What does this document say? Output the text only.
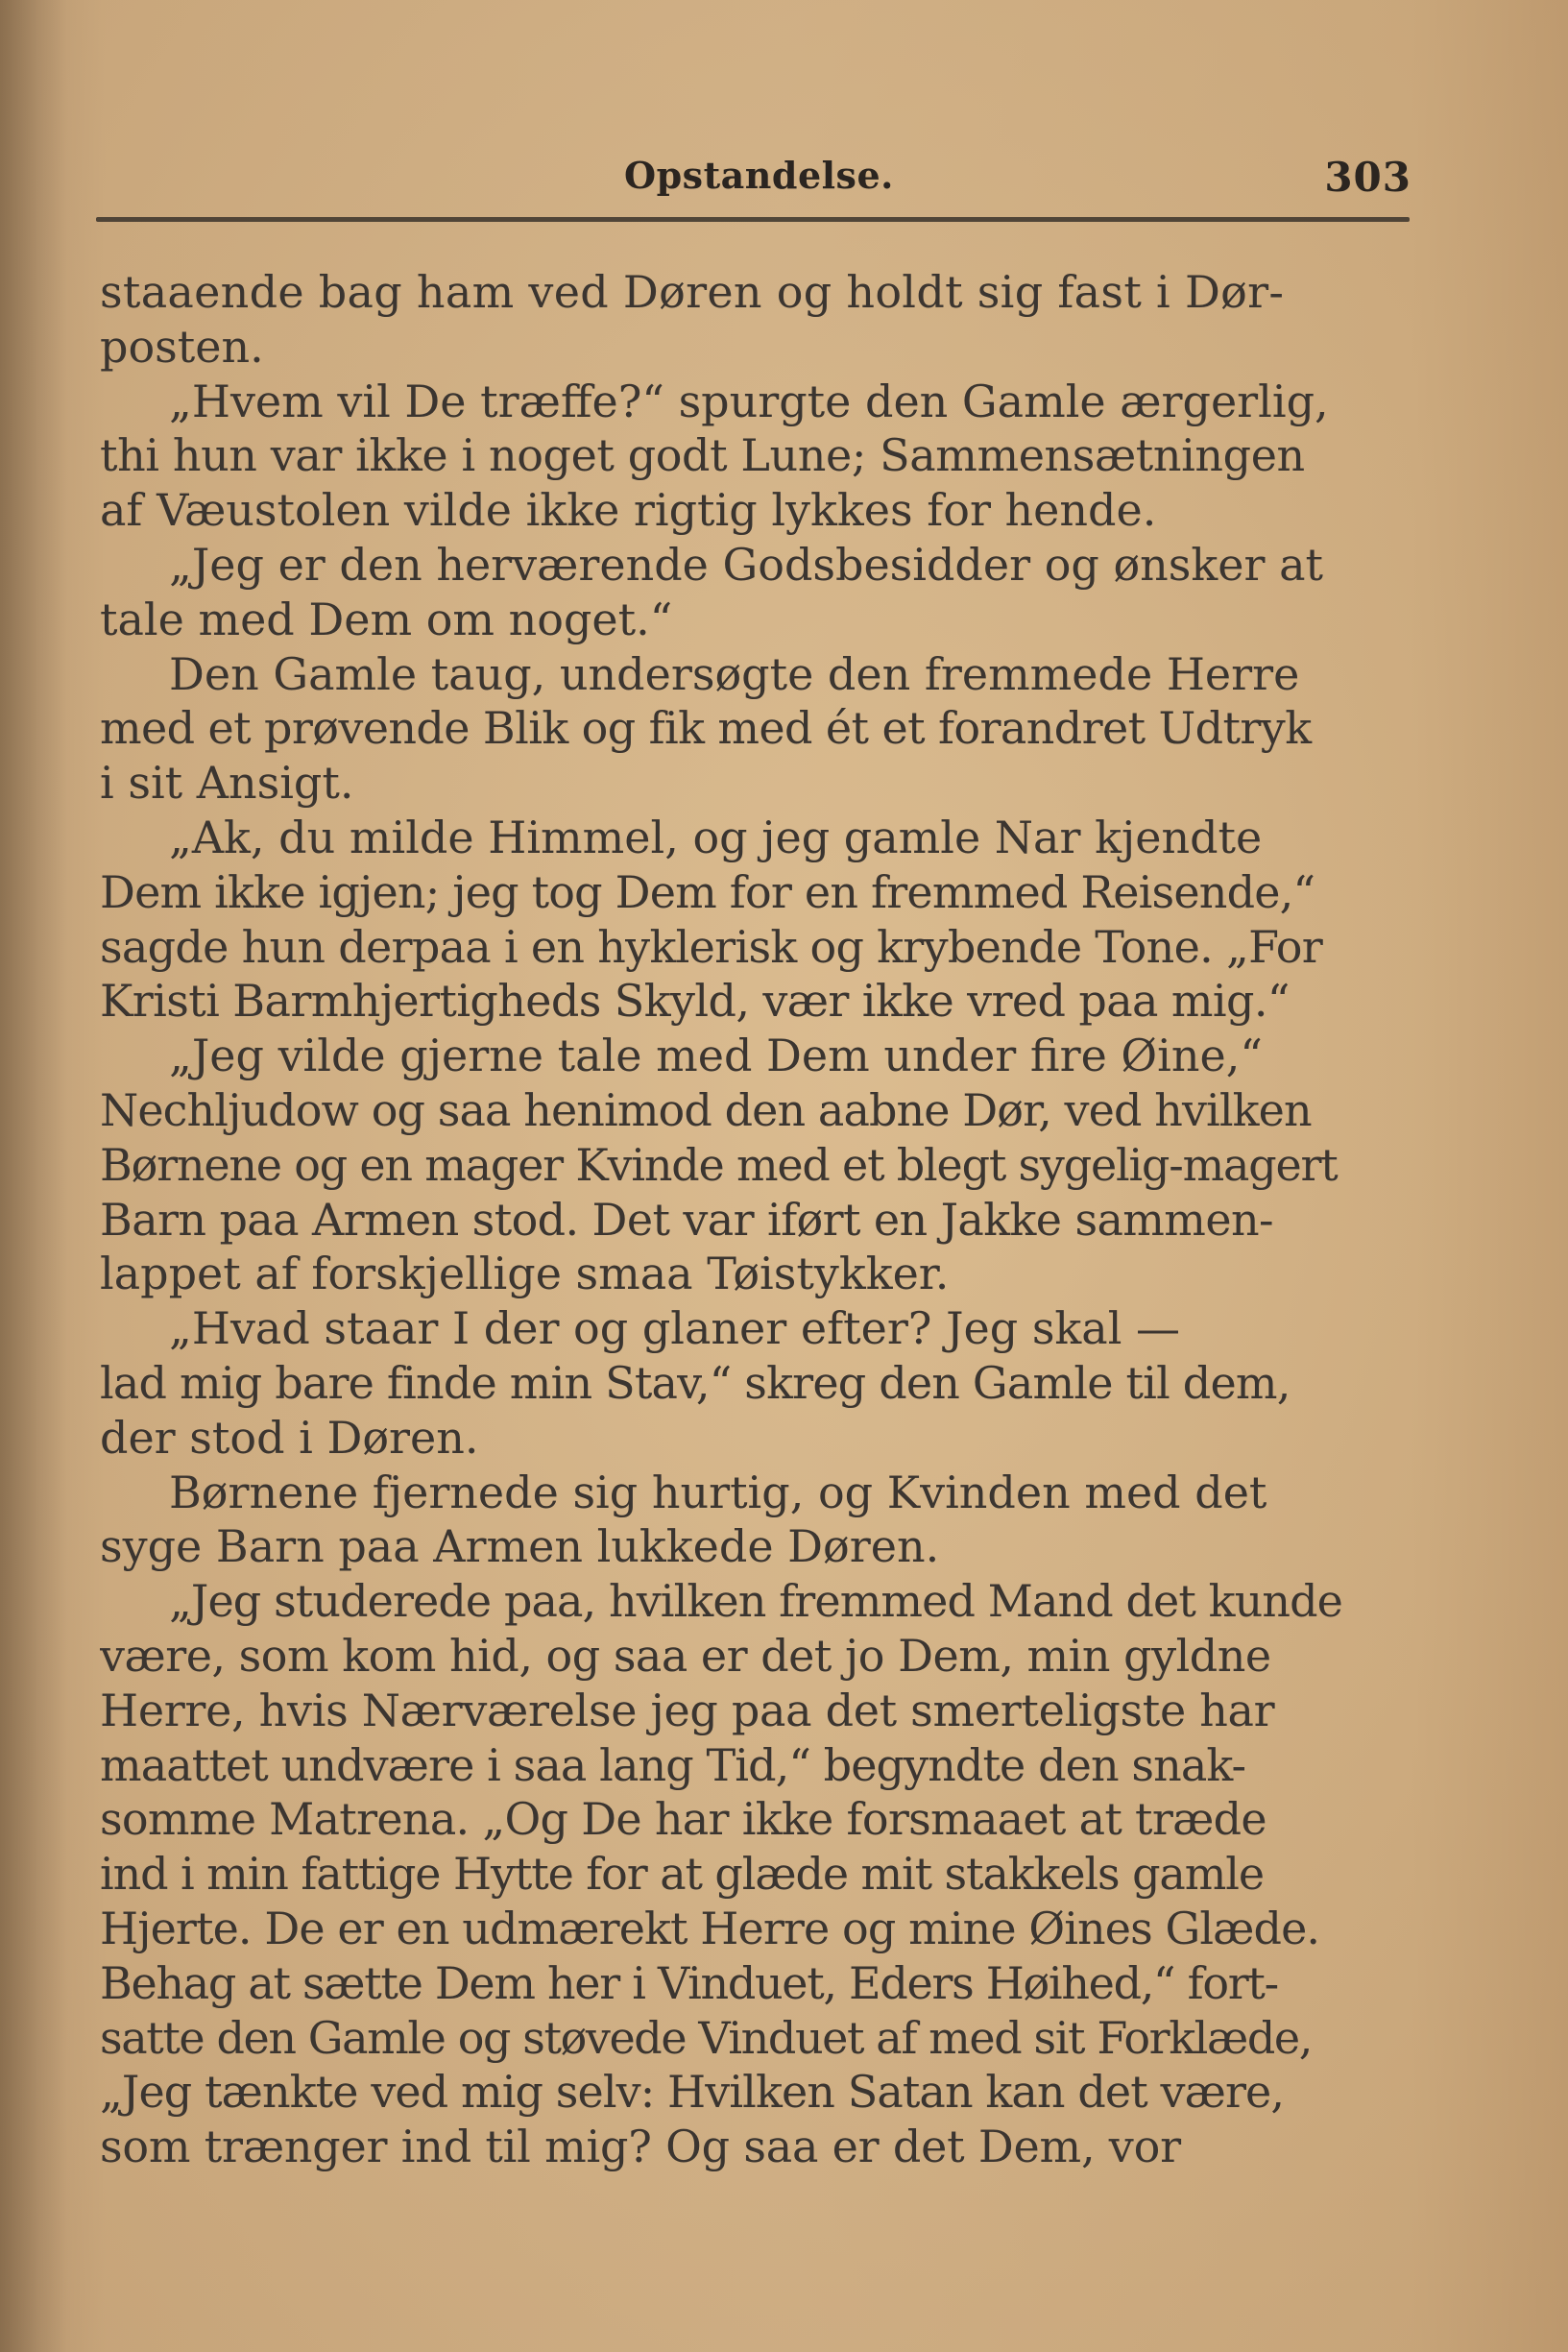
Opstandelse.	303
staaende bag ham ved Døren og holdt sig fast i Dør-
posten.
„Hvem vil De træffe?“ spurgte den Gamle ærgerlig,
thi hun var ikke i noget godt Lune; Sammensætningen
af Væustolen vilde ikke rigtig lykkes for hende.
„Jeg er den herværende Godsbesidder og ønsker at
tale med Dem om noget.“
Den Gamle taug, undersøgte den fremmede Herre
med et prøvende Blik og fik med ét et forandret Udtryk
i sit Ansigt.
„Ak, du milde Himmel, og jeg gamle Nar kjendte
Dem ikke igjen; jeg tog Dem for en fremmed Reisende,“
sagde hun derpaa i en hyklerisk og krybende Tone. „For
Kristi Barmhjertigheds Skyld, vær ikke vred paa mig.“
„Jeg vilde gjerne tale med Dem under fire Øine,“
Nechljudow og saa henimod den aabne Dør, ved hvilken
Børnene og en mager Kvinde med et blegt sygelig-magert
Barn paa Armen stod. Det var iført en Jakke sammen-
lappet af forskjellige smaa Tøistykker.
„Hvad staar I der og glaner efter? Jeg skal —
lad mig bare finde min Stav,“ skreg den Gamle til dem,
der stod i Døren.
Børnene fjernede sig hurtig, og Kvinden med det
syge Barn paa Armen lukkede Døren.
„Jeg studerede paa, hvilken fremmed Mand det kunde
være, som kom hid, og saa er det jo Dem, min gyldne
Herre, hvis Nærværelse jeg paa det smerteligste har
maattet undvære i saa lang Tid,“ begyndte den snak-
somme Matrena. „Og De har ikke forsmaaet at træde
ind i min fattige Hytte for at glæde mit stakkels gamle
Hjerte. De er en udmærekt Herre og mine Øines Glæde.
Behag at sætte Dem her i Vinduet, Eders Høihed,“ fort-
satte den Gamle og støvede Vinduet af med sit Forklæde,
„Jeg tænkte ved mig selv: Hvilken Satan kan det være,
som trænger ind til mig? Og saa er det Dem, vor
